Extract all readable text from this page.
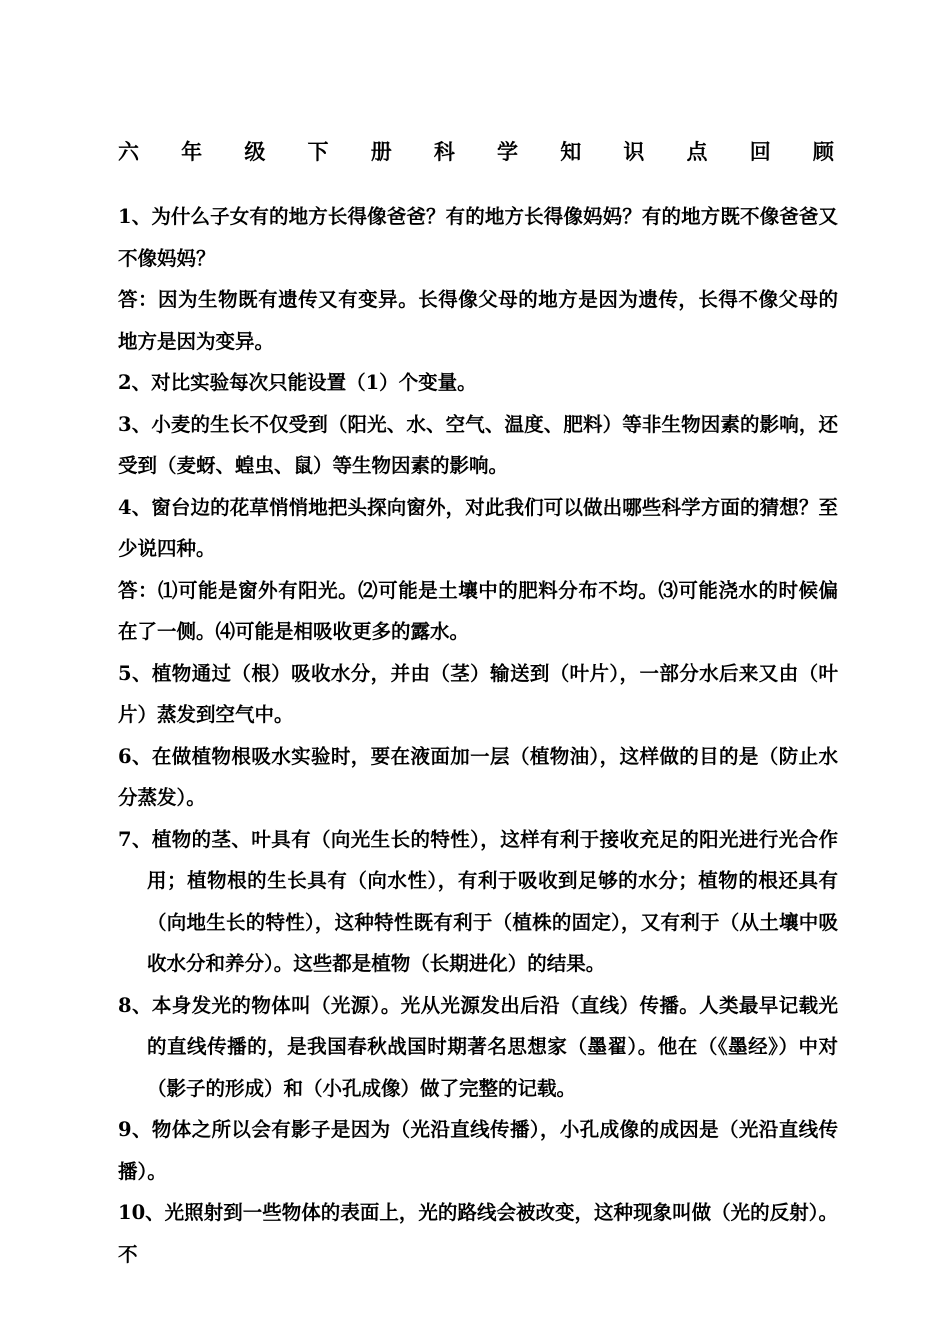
六 年 级 下 册 科 学 知 识 点 回 顾

1、为什么子女有的地方长得像爸爸？有的地方长得像妈妈？有的地方既不像爸爸又不像妈妈？

答：因为生物既有遗传又有变异。长得像父母的地方是因为遗传，长得不像父母的地方是因为变异。

2、对比实验每次只能设置（1）个变量。

3、小麦的生长不仅受到（阳光、水、空气、温度、肥料）等非生物因素的影响，还受到（麦蚜、蝗虫、鼠）等生物因素的影响。

4、窗台边的花草悄悄地把头探向窗外，对此我们可以做出哪些科学方面的猜想？至少说四种。

答：⑴可能是窗外有阳光。⑵可能是土壤中的肥料分布不均。⑶可能浇水的时候偏在了一侧。⑷可能是相吸收更多的露水。

5、植物通过（根）吸收水分，并由（茎）输送到（叶片），一部分水后来又由（叶片）蒸发到空气中。

6、在做植物根吸水实验时，要在液面加一层（植物油），这样做的目的是（防止水分蒸发）。

7、植物的茎、叶具有（向光生长的特性），这样有利于接收充足的阳光进行光合作用；植物根的生长具有（向水性），有利于吸收到足够的水分；植物的根还具有（向地生长的特性），这种特性既有利于（植株的固定），又有利于（从土壤中吸收水分和养分）。这些都是植物（长期进化）的结果。

8、本身发光的物体叫（光源）。光从光源发出后沿（直线）传播。人类最早记载光的直线传播的，是我国春秋战国时期著名思想家（墨翟）。他在（《墨经》）中对（影子的形成）和（小孔成像）做了完整的记载。

9、物体之所以会有影子是因为（光沿直线传播），小孔成像的成因是（光沿直线传播）。

10、光照射到一些物体的表面上，光的路线会被改变，这种现象叫做（光的反射）。不
